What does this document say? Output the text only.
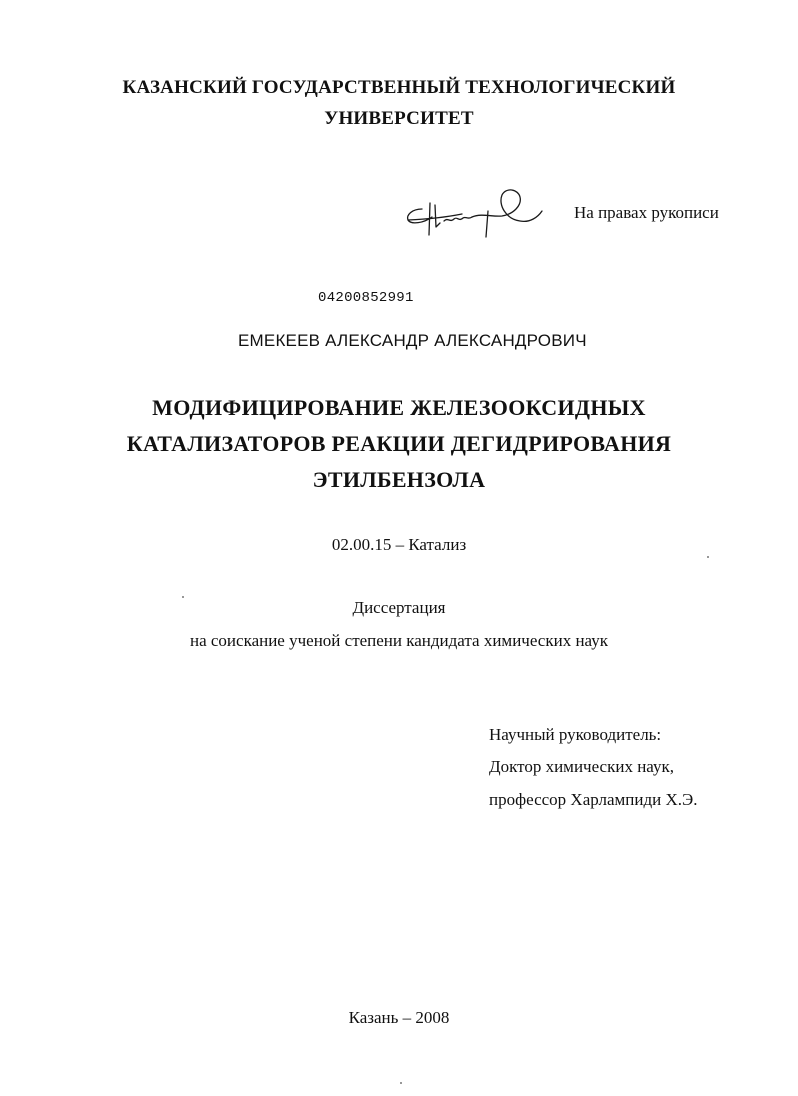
КАЗАНСКИЙ ГОСУДАРСТВЕННЫЙ ТЕХНОЛОГИЧЕСКИЙ
УНИВЕРСИТЕТ
На правах рукописи
04200852991
ЕМЕКЕЕВ АЛЕКСАНДР АЛЕКСАНДРОВИЧ
МОДИФИЦИРОВАНИЕ ЖЕЛЕЗООКСИДНЫХ
КАТАЛИЗАТОРОВ РЕАКЦИИ ДЕГИДРИРОВАНИЯ
ЭТИЛБЕНЗОЛА
02.00.15 – Катализ
Диссертация
на соискание ученой степени кандидата химических наук
Научный руководитель:
Доктор химических наук,
профессор Харлампиди Х.Э.
Казань – 2008
